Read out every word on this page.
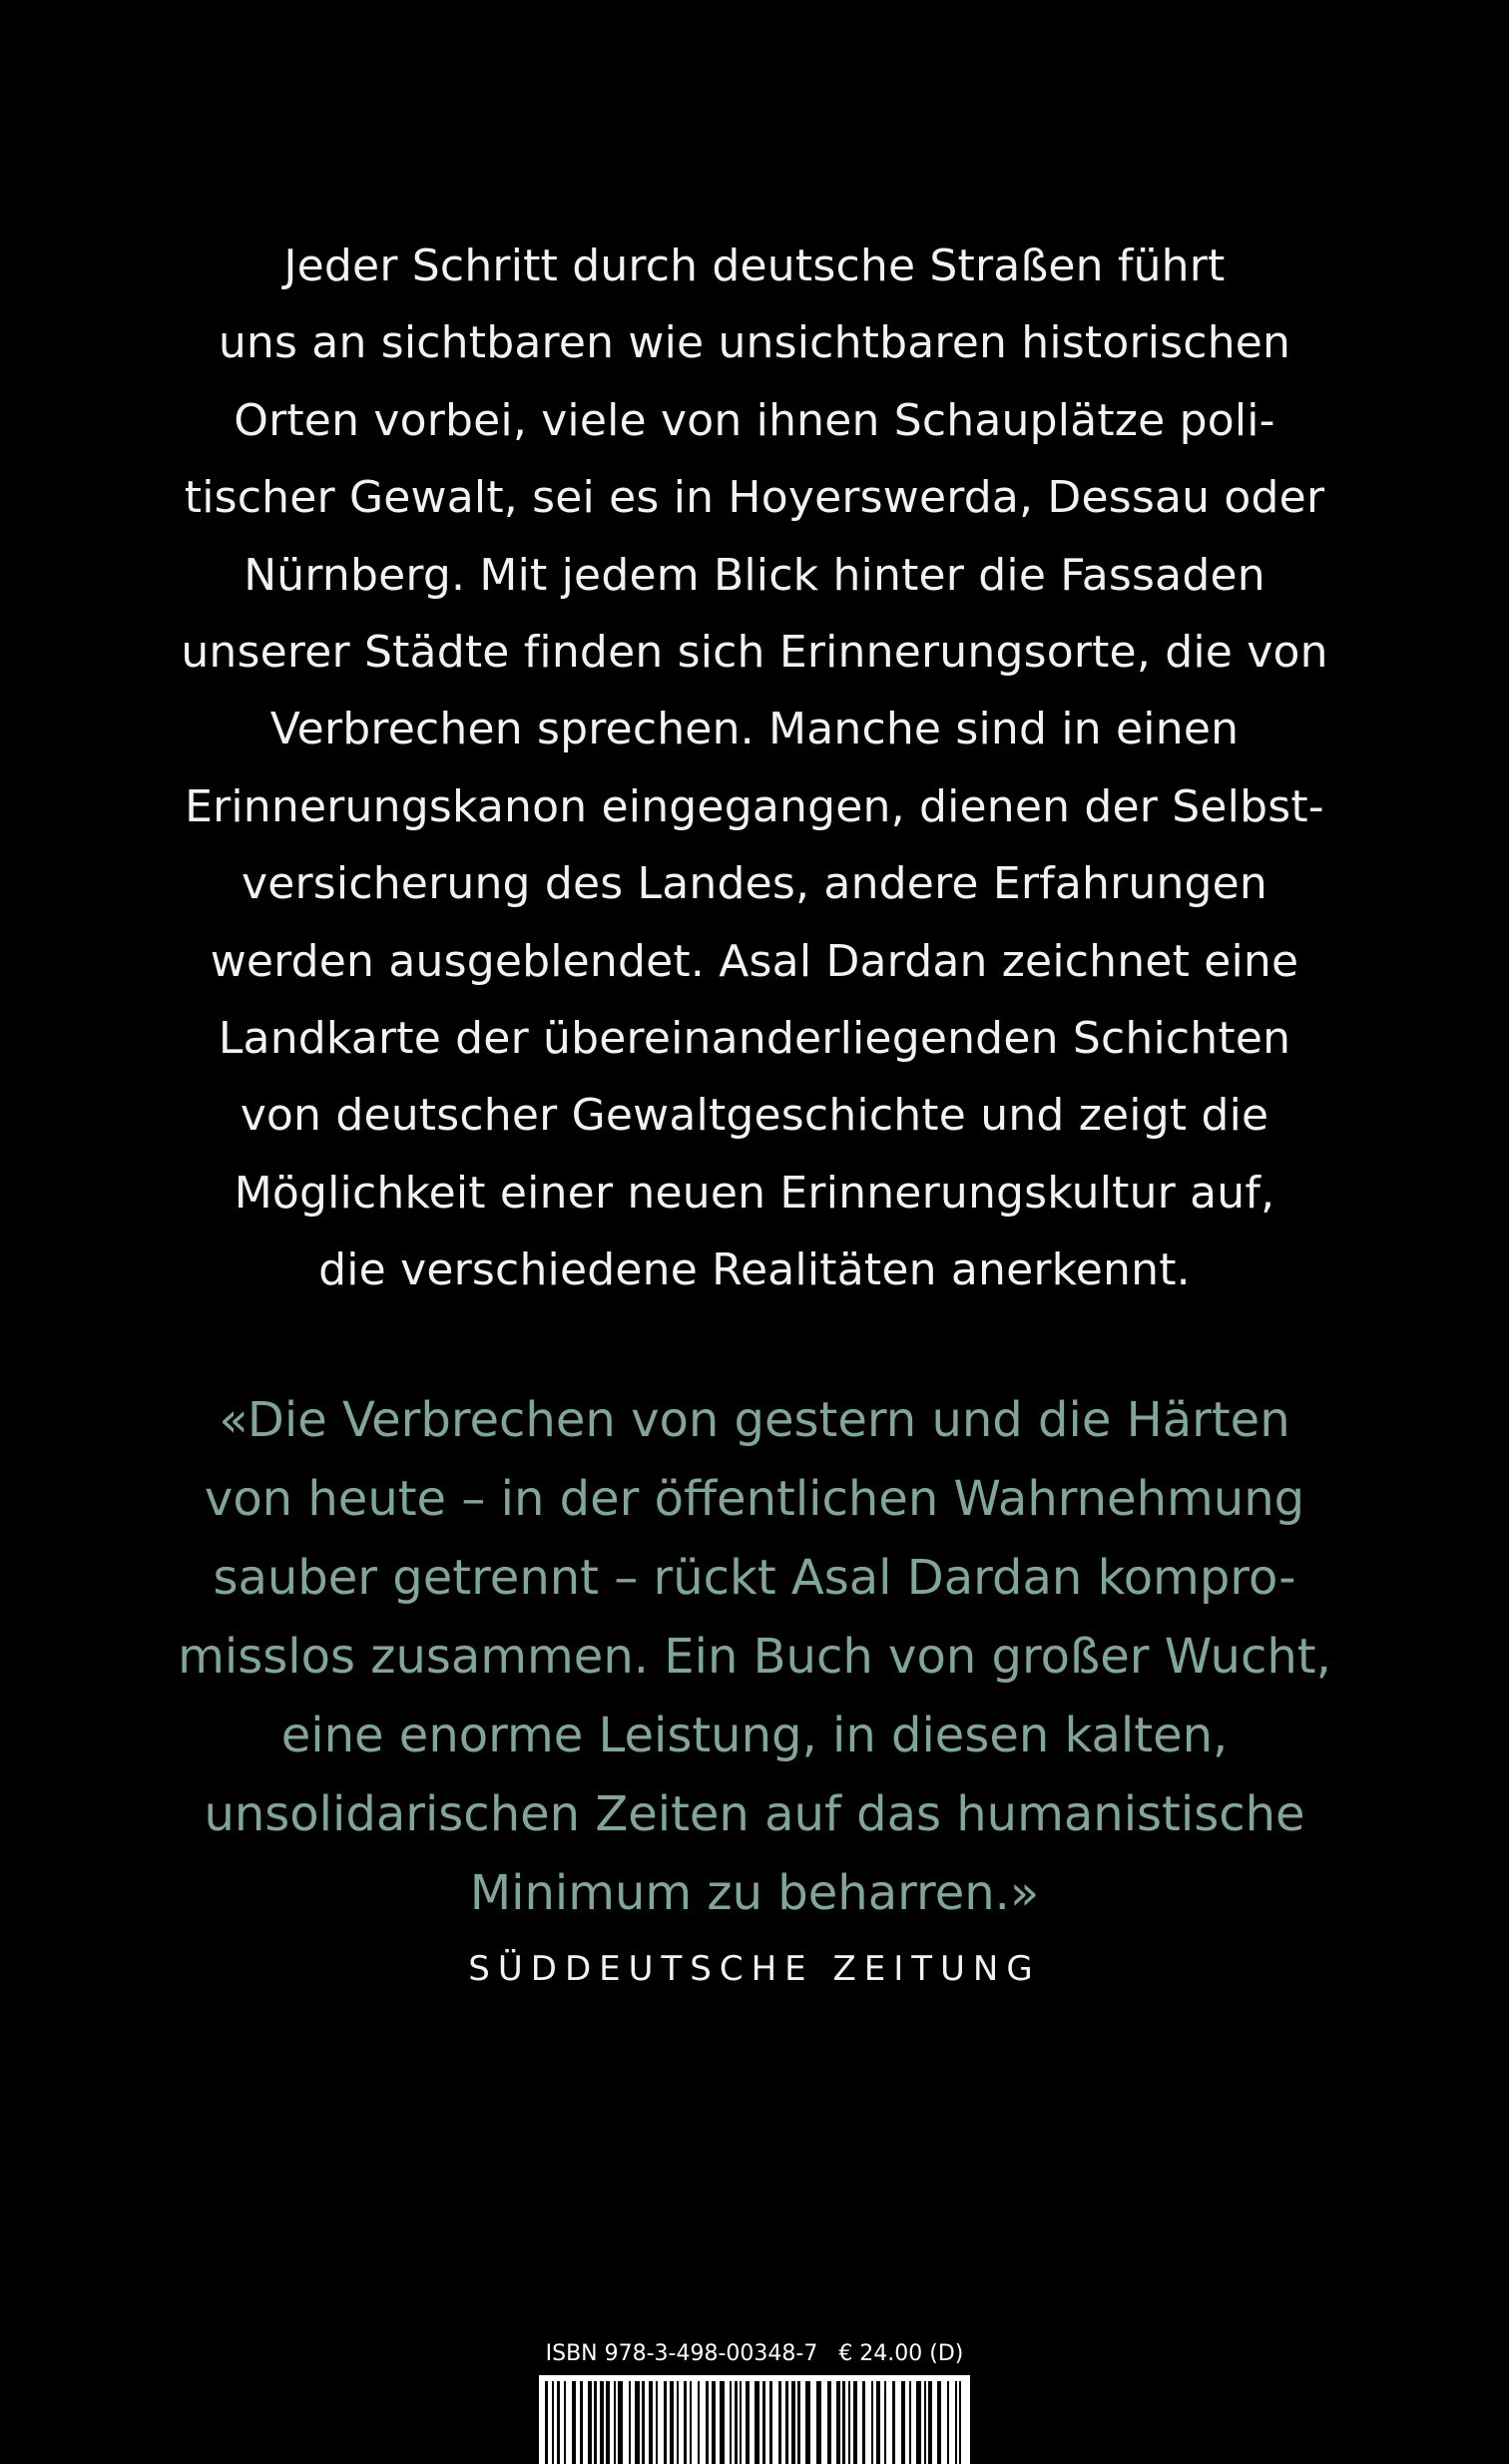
Jeder Schritt durch deutsche Straßen führt
uns an sichtbaren wie unsichtbaren historischen
Orten vorbei, viele von ihnen Schauplätze poli-
tischer Gewalt, sei es in Hoyerswerda, Dessau oder
Nürnberg. Mit jedem Blick hinter die Fassaden
unserer Städte finden sich Erinnerungsorte, die von
Verbrechen sprechen. Manche sind in einen
Erinnerungskanon eingegangen, dienen der Selbst-
versicherung des Landes, andere Erfahrungen
werden ausgeblendet. Asal Dardan zeichnet eine
Landkarte der übereinanderliegenden Schichten
von deutscher Gewaltgeschichte und zeigt die
Möglichkeit einer neuen Erinnerungskultur auf,
die verschiedene Realitäten anerkennt.
«Die Verbrechen von gestern und die Härten
von heute – in der öffentlichen Wahrnehmung
sauber getrennt – rückt Asal Dardan kompro-
misslos zusammen. Ein Buch von großer Wucht,
eine enorme Leistung, in diesen kalten,
unsolidarischen Zeiten auf das humanistische
Minimum zu beharren.»
SÜDDEUTSCHE ZEITUNG
ISBN 978-3-498-00348-7 € 24.00 (D)
